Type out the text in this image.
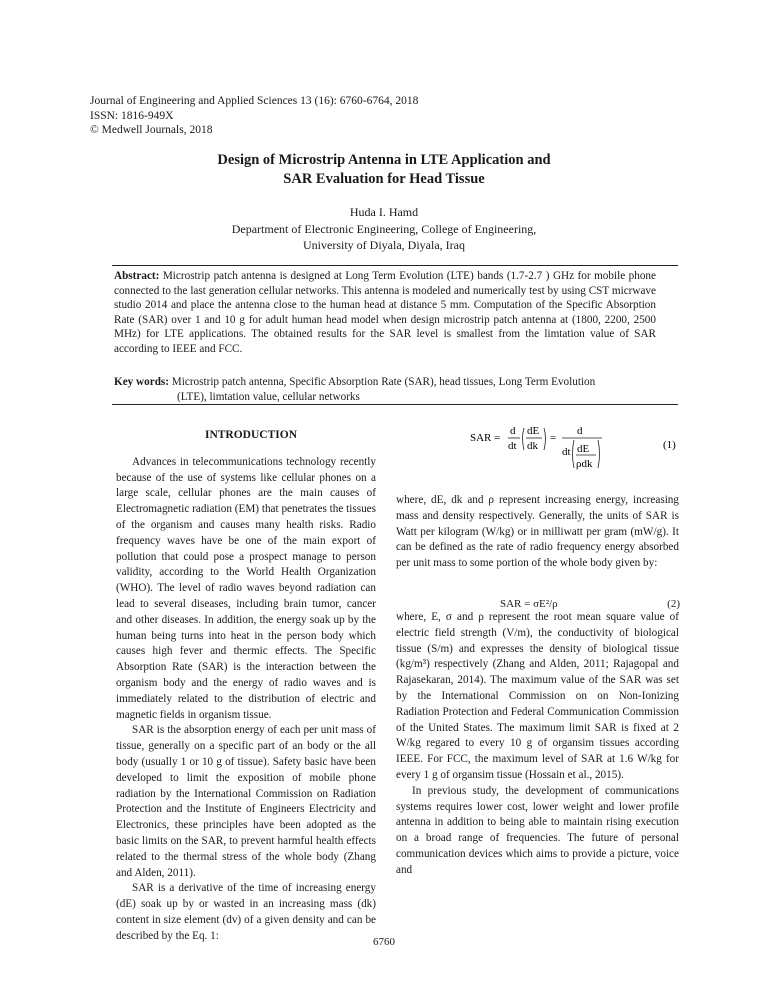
Journal of Engineering and Applied Sciences 13 (16): 6760-6764, 2018
ISSN: 1816-949X
© Medwell Journals, 2018
Design of Microstrip Antenna in LTE Application and
SAR Evaluation for Head Tissue
Huda I. Hamd
Department of Electronic Engineering, College of Engineering,
University of Diyala, Diyala, Iraq
Abstract: Microstrip patch antenna is designed at Long Term Evolution (LTE) bands (1.7-2.7 ) GHz for mobile phone connected to the last generation cellular networks. This antenna is modeled and numerically test by using CST micrwave studio 2014 and place the antenna close to the human head at distance 5 mm. Computation of the Specific Absorption Rate (SAR) over 1 and 10 g for adult human head model when design microstrip patch antenna at (1800, 2200, 2500 MHz) for LTE applications. The obtained results for the SAR level is smallest from the limtation value of SAR according to IEEE and FCC.
Key words: Microstrip patch antenna, Specific Absorption Rate (SAR), head tissues, Long Term Evolution
(LTE), limtation value, cellular networks
INTRODUCTION

Advances in telecommunications technology recently because of the use of systems like cellular phones on a large scale, cellular phones are the main causes of Electromagnetic radiation (EM) that penetrates the tissues of the organism and causes many health risks. Radio frequency waves have be one of the main export of pollution that could pose a prospect manage to person validity, according to the World Health Organization (WHO). The level of radio waves beyond radiation can lead to several diseases, including brain tumor, cancer and other diseases. In addition, the energy soak up by the human being turns into heat in the person body which causes high fever and thermic effects. The Specific Absorption Rate (SAR) is the interaction between the organism body and the energy of radio waves and is immediately related to the distribution of electric and magnetic fields in organism tissue.

SAR is the absorption energy of each per unit mass of tissue, generally on a specific part of an body or the all body (usually 1 or 10 g of tissue). Safety basic have been developed to limit the exposition of mobile phone radiation by the International Commission on Radiation Protection and the Institute of Engineers Electricity and Electronics, these principles have been adopted as the basic limits on the SAR, to prevent harmful health effects related to the thermal stress of the whole body (Zhang and Alden, 2011).

SAR is a derivative of the time of increasing energy (dE) soak up by or wasted in an increasing mass (dk) content in size element (dv) of a given density and can be described by the Eq. 1:

SAR =
d
dt
dE
dk
=
d
dt dE
ρdk
(1)
SAR = σE²/ρ	(2)

where, dE, dk and ρ represent increasing energy, increasing mass and density respectively. Generally, the units of SAR is Watt per kilogram (W/kg) or in milliwatt per gram (mW/g). It can be defined as the rate of radio frequency energy absorbed per unit mass to some portion of the whole body given by:

where, E, σ and ρ represent the root mean square value of electric field strength (V/m), the conductivity of biological tissue (S/m) and expresses the density of biological tissue (kg/m³) respectively (Zhang and Alden, 2011; Rajagopal and Rajasekaran, 2014). The maximum value of the SAR was set by the International Commission on on Non-Ionizing Radiation Protection and Federal Communication Commission of the United States. The maximum limit SAR is fixed at 2 W/kg regared to every 10 g of organsim tissues according IEEE. For FCC, the maximum level of SAR at 1.6 W/kg for every 1 g of organsim tissue (Hossain et al., 2015).

In previous study, the development of communications systems requires lower cost, lower weight and lower profile antenna in addition to being able to maintain rising execution on a broad range of frequencies. The future of personal communication devices which aims to provide a picture, voice and

6760
